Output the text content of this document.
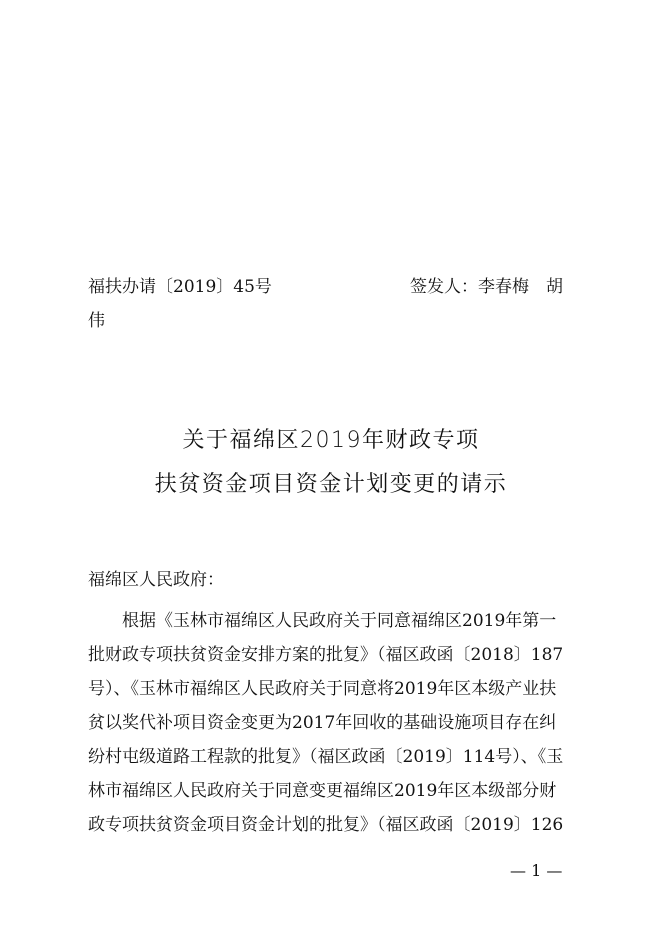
福扶办请〔2019〕45号	签发人：李春梅　胡
伟
关于福绵区2019年财政专项
扶贫资金项目资金计划变更的请示
福绵区人民政府：
根据《玉林市福绵区人民政府关于同意福绵区2019年第一
批财政专项扶贫资金安排方案的批复》（福区政函〔2018〕187
号）、《玉林市福绵区人民政府关于同意将2019年区本级产业扶
贫以奖代补项目资金变更为2017年回收的基础设施项目存在纠
纷村屯级道路工程款的批复》（福区政函〔2019〕114号）、《玉
林市福绵区人民政府关于同意变更福绵区2019年区本级部分财
政专项扶贫资金项目资金计划的批复》（福区政函〔2019〕126
— 1 —
